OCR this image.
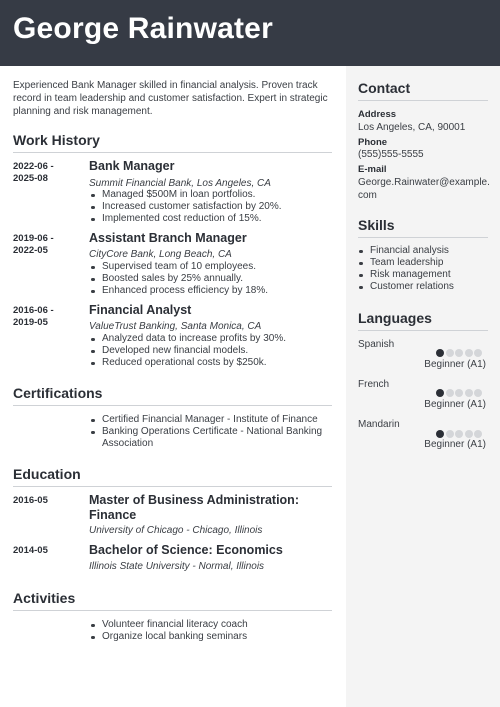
George Rainwater
Experienced Bank Manager skilled in financial analysis. Proven track record in team leadership and customer satisfaction. Expert in strategic planning and risk management.
Work History
2022-06 -
2025-08
Bank Manager
Summit Financial Bank, Los Angeles, CA
Managed $500M in loan portfolios.
Increased customer satisfaction by 20%.
Implemented cost reduction of 15%.
2019-06 -
2022-05
Assistant Branch Manager
CityCore Bank, Long Beach, CA
Supervised team of 10 employees.
Boosted sales by 25% annually.
Enhanced process efficiency by 18%.
2016-06 -
2019-05
Financial Analyst
ValueTrust Banking, Santa Monica, CA
Analyzed data to increase profits by 30%.
Developed new financial models.
Reduced operational costs by $250k.
Certifications
Certified Financial Manager - Institute of Finance
Banking Operations Certificate - National Banking Association
Education
2016-05	Master of Business Administration:
Finance
University of Chicago - Chicago, Illinois
2014-05	Bachelor of Science: Economics
Illinois State University - Normal, Illinois
Activities
Volunteer financial literacy coach
Organize local banking seminars
Contact
Address
Los Angeles, CA, 90001
Phone
(555)555-5555
E-mail
George.Rainwater@example.com
Skills
Financial analysis
Team leadership
Risk management
Customer relations
Languages
Spanish
Beginner (A1)
French
Beginner (A1)
Mandarin
Beginner (A1)
